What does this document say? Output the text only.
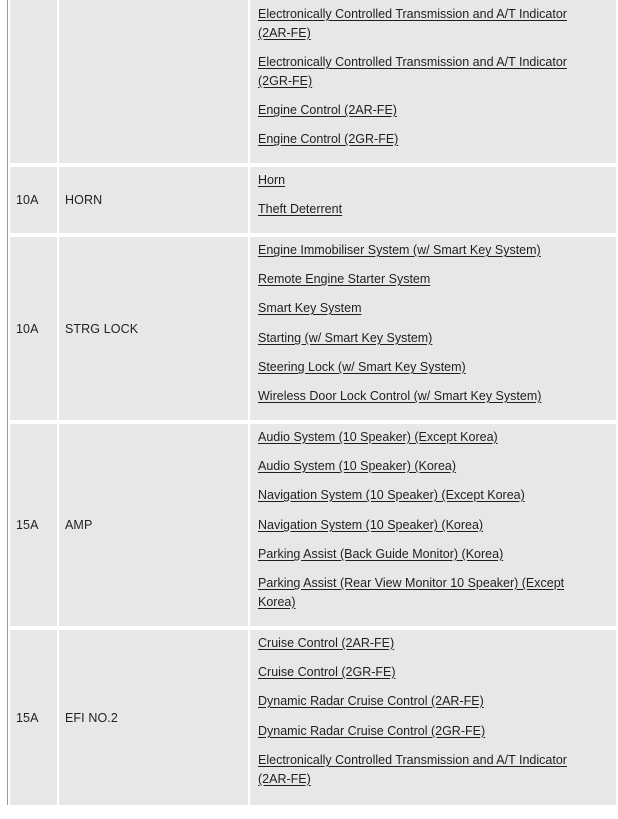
Electronically Controlled Transmission and A/T Indicator (2AR-FE)
Electronically Controlled Transmission and A/T Indicator (2GR-FE)
Engine Control (2AR-FE)
Engine Control (2GR-FE)
10A HORN
Horn
Theft Deterrent
10A STRG LOCK
Engine Immobiliser System (w/ Smart Key System)
Remote Engine Starter System
Smart Key System
Starting (w/ Smart Key System)
Steering Lock (w/ Smart Key System)
Wireless Door Lock Control (w/ Smart Key System)
15A AMP
Audio System (10 Speaker) (Except Korea)
Audio System (10 Speaker) (Korea)
Navigation System (10 Speaker) (Except Korea)
Navigation System (10 Speaker) (Korea)
Parking Assist (Back Guide Monitor) (Korea)
Parking Assist (Rear View Monitor 10 Speaker) (Except Korea)
15A EFI NO.2
Cruise Control (2AR-FE)
Cruise Control (2GR-FE)
Dynamic Radar Cruise Control (2AR-FE)
Dynamic Radar Cruise Control (2GR-FE)
Electronically Controlled Transmission and A/T Indicator (2AR-FE)
